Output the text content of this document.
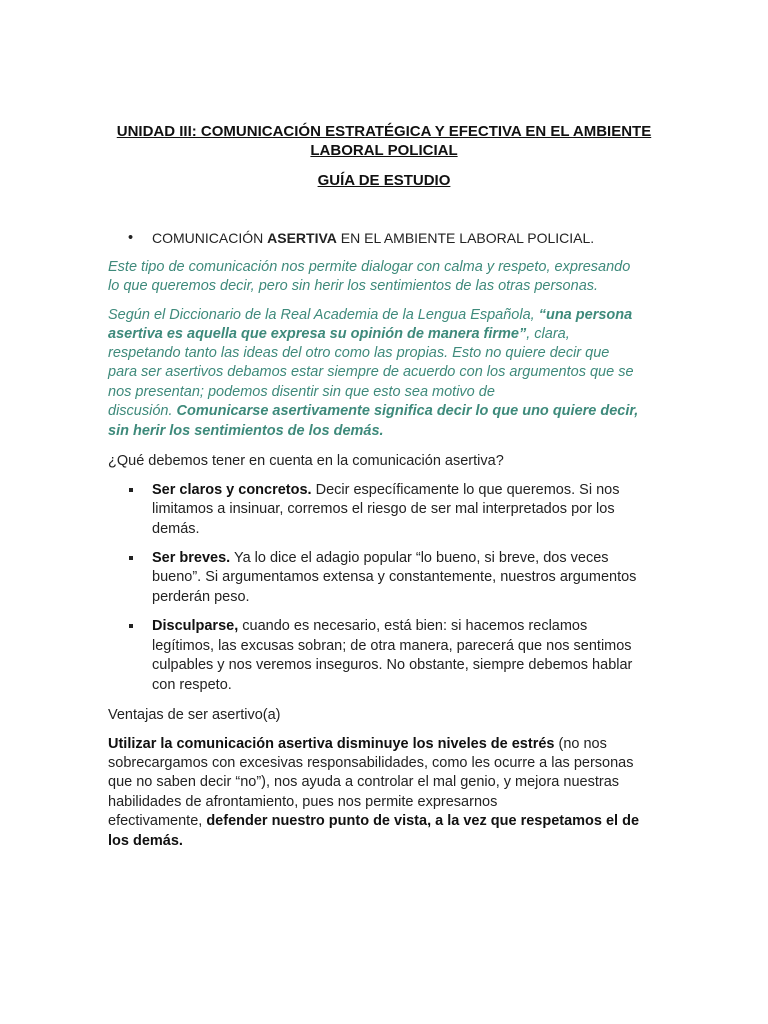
UNIDAD III: COMUNICACIÓN ESTRATÉGICA Y EFECTIVA EN EL AMBIENTE
LABORAL POLICIAL
GUÍA DE ESTUDIO
• COMUNICACIÓN ASERTIVA EN EL AMBIENTE LABORAL POLICIAL.
Este tipo de comunicación nos permite dialogar con calma y respeto, expresando
lo que queremos decir, pero sin herir los sentimientos de las otras personas.
Según el Diccionario de la Real Academia de la Lengua Española, “una persona
asertiva es aquella que expresa su opinión de manera firme”, clara,
respetando tanto las ideas del otro como las propias. Esto no quiere decir que
para ser asertivos debamos estar siempre de acuerdo con los argumentos que se
nos presentan; podemos disentir sin que esto sea motivo de
discusión. Comunicarse asertivamente significa decir lo que uno quiere decir,
sin herir los sentimientos de los demás.
¿Qué debemos tener en cuenta en la comunicación asertiva?
Ser claros y concretos. Decir específicamente lo que queremos. Si nos
limitamos a insinuar, corremos el riesgo de ser mal interpretados por los
demás.
Ser breves. Ya lo dice el adagio popular “lo bueno, si breve, dos veces
bueno”. Si argumentamos extensa y constantemente, nuestros argumentos
perderán peso.
Disculparse, cuando es necesario, está bien: si hacemos reclamos
legítimos, las excusas sobran; de otra manera, parecerá que nos sentimos
culpables y nos veremos inseguros. No obstante, siempre debemos hablar
con respeto.
Ventajas de ser asertivo(a)
Utilizar la comunicación asertiva disminuye los niveles de estrés (no nos
sobrecargamos con excesivas responsabilidades, como les ocurre a las personas
que no saben decir “no”), nos ayuda a controlar el mal genio, y mejora nuestras
habilidades de afrontamiento, pues nos permite expresarnos
efectivamente, defender nuestro punto de vista, a la vez que respetamos el de
los demás.
